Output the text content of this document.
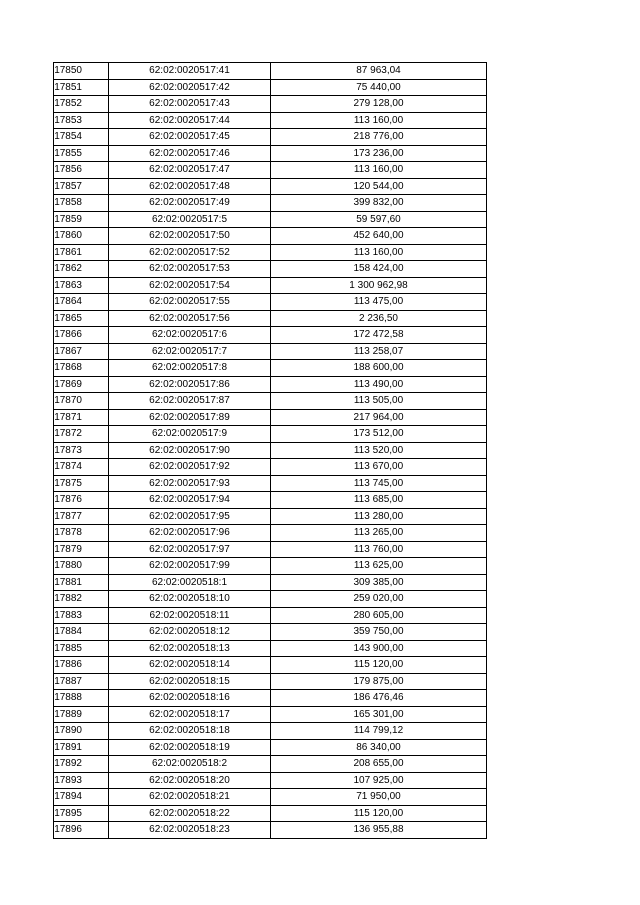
17850	62:02:0020517:41	87 963,04
17851	62:02:0020517:42	75 440,00
17852	62:02:0020517:43	279 128,00
17853	62:02:0020517:44	113 160,00
17854	62:02:0020517:45	218 776,00
17855	62:02:0020517:46	173 236,00
17856	62:02:0020517:47	113 160,00
17857	62:02:0020517:48	120 544,00
17858	62:02:0020517:49	399 832,00
17859	62:02:0020517:5	59 597,60
17860	62:02:0020517:50	452 640,00
17861	62:02:0020517:52	113 160,00
17862	62:02:0020517:53	158 424,00
17863	62:02:0020517:54	1 300 962,98
17864	62:02:0020517:55	113 475,00
17865	62:02:0020517:56	2 236,50
17866	62:02:0020517:6	172 472,58
17867	62:02:0020517:7	113 258,07
17868	62:02:0020517:8	188 600,00
17869	62:02:0020517:86	113 490,00
17870	62:02:0020517:87	113 505,00
17871	62:02:0020517:89	217 964,00
17872	62:02:0020517:9	173 512,00
17873	62:02:0020517:90	113 520,00
17874	62:02:0020517:92	113 670,00
17875	62:02:0020517:93	113 745,00
17876	62:02:0020517:94	113 685,00
17877	62:02:0020517:95	113 280,00
17878	62:02:0020517:96	113 265,00
17879	62:02:0020517:97	113 760,00
17880	62:02:0020517:99	113 625,00
17881	62:02:0020518:1	309 385,00
17882	62:02:0020518:10	259 020,00
17883	62:02:0020518:11	280 605,00
17884	62:02:0020518:12	359 750,00
17885	62:02:0020518:13	143 900,00
17886	62:02:0020518:14	115 120,00
17887	62:02:0020518:15	179 875,00
17888	62:02:0020518:16	186 476,46
17889	62:02:0020518:17	165 301,00
17890	62:02:0020518:18	114 799,12
17891	62:02:0020518:19	86 340,00
17892	62:02:0020518:2	208 655,00
17893	62:02:0020518:20	107 925,00
17894	62:02:0020518:21	71 950,00
17895	62:02:0020518:22	115 120,00
17896	62:02:0020518:23	136 955,88
